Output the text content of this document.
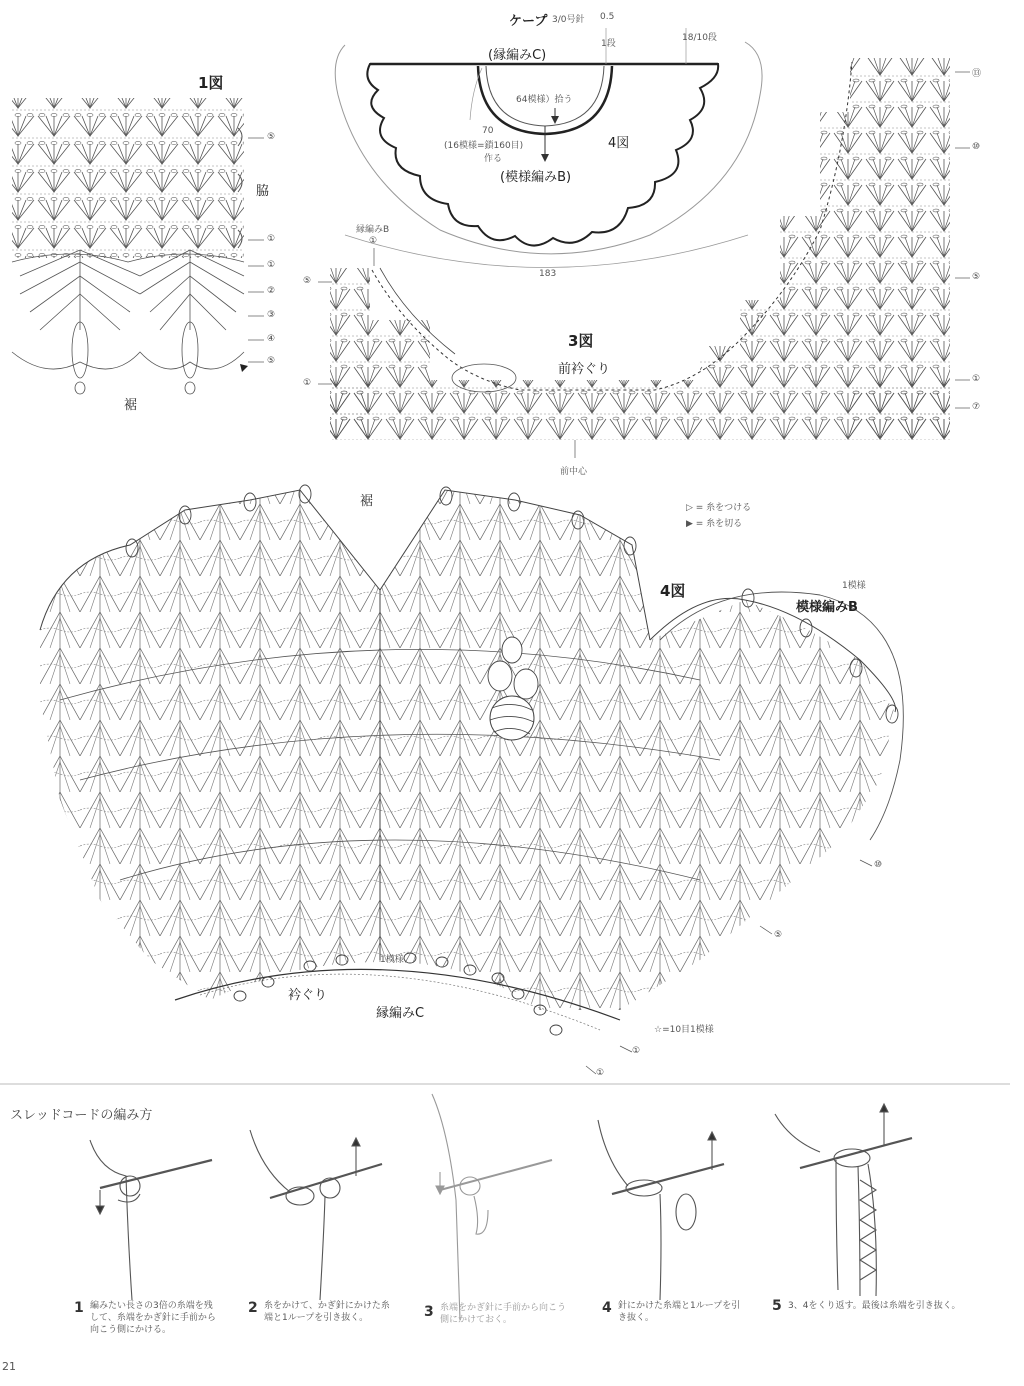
ケープ 3/0号針 0.5
1段
18/10段
(縁編みC)
64模様）拾う
70
(16模様=鎖160目)
作る
4図
(模様編みB)
183
1図
脇
裾
⑤
①
①
②
③
④
⑤
3図
前衿ぐり
前中心
縁編みB
①
⑤
①
⑬
⑩
⑤
①
⑦
裾	▷ = 糸をつける
▶ = 糸を切る
4図	1模様
模様編みB
衿ぐり
縁編みC
1模様
☆=10目1模様
⑩
⑤
①
①
スレッドコードの編み方
1 編みたい長さの3倍の糸端を残して、糸端をかぎ針に手前から向こう側にかける。
2 糸をかけて、かぎ針にかけた糸端と1ループを引き抜く。	3 糸端をかぎ針に手前から向こう側にかけておく。
4 針にかけた糸端と1ループを引き抜く。
5 3、4をくり返す。最後は糸端を引き抜く。
21
